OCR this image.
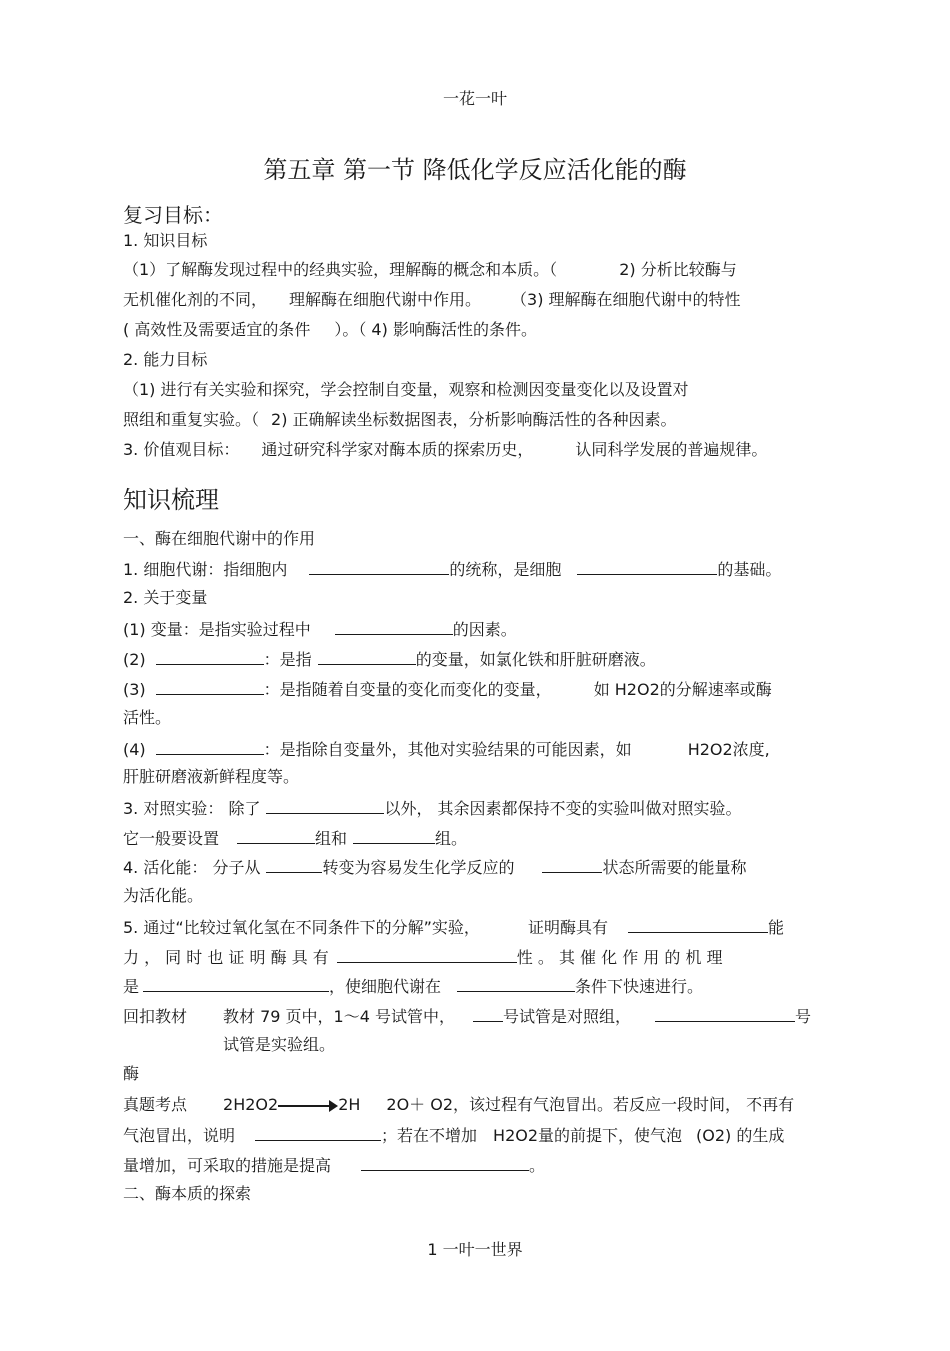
一花一叶
第五章 第一节 降低化学反应活化能的酶
复习目标：
1. 知识目标
（1）了解酶发现过程中的经典实验，理解酶的概念和本质。（	2) 分析比较酶与
无机催化剂的不同， 理解酶在细胞代谢中作用。 （3) 理解酶在细胞代谢中的特性
( 高效性及需要适宜的条件 ）。（ 4) 影响酶活性的条件。
2. 能力目标
（1) 进行有关实验和探究，学会控制自变量，观察和检测因变量变化以及设置对
照组和重复实验。（ 2) 正确解读坐标数据图表，分析影响酶活性的各种因素。
3. 价值观目标： 通过研究科学家对酶本质的探索历史，	认同科学发展的普遍规律。
知识梳理
一、酶在细胞代谢中的作用
1. 细胞代谢：指细胞内	的统称，是细胞	的基础。
2. 关于变量
(1) 变量：是指实验过程中	的因素。
(2)	：是指	的变量，如氯化铁和肝脏研磨液。
(3)	：是指随着自变量的变化而变化的变量，	如 H2O2的分解速率或酶
活性。
(4)	：是指除自变量外，其他对实验结果的可能因素，如	H2O2浓度,
肝脏研磨液新鲜程度等。
3. 对照实验： 除了	以外， 其余因素都保持不变的实验叫做对照实验。
它一般要设置	组和	组。
4. 活化能： 分子从	转变为容易发生化学反应的	状态所需要的能量称
为活化能。
5. 通过“比较过氧化氢在不同条件下的分解”实验，	证明酶具有	能
力 ， 同 时 也 证 明 酶 具 有	性 。 其 催 化 作 用 的 机 理
是	，使细胞代谢在	条件下快速进行。
回扣教材 教材 79 页中，1～4 号试管中，	号试管是对照组，	号
试管是实验组。
酶
真题考点 2H2O2	2H 2O＋ O2，该过程有气泡冒出。若反应一段时间， 不再有
气泡冒出，说明	；若在不增加 H2O2量的前提下，使气泡 (O2) 的生成
量增加，可采取的措施是提高	。
二、酶本质的探索
1 一叶一世界
